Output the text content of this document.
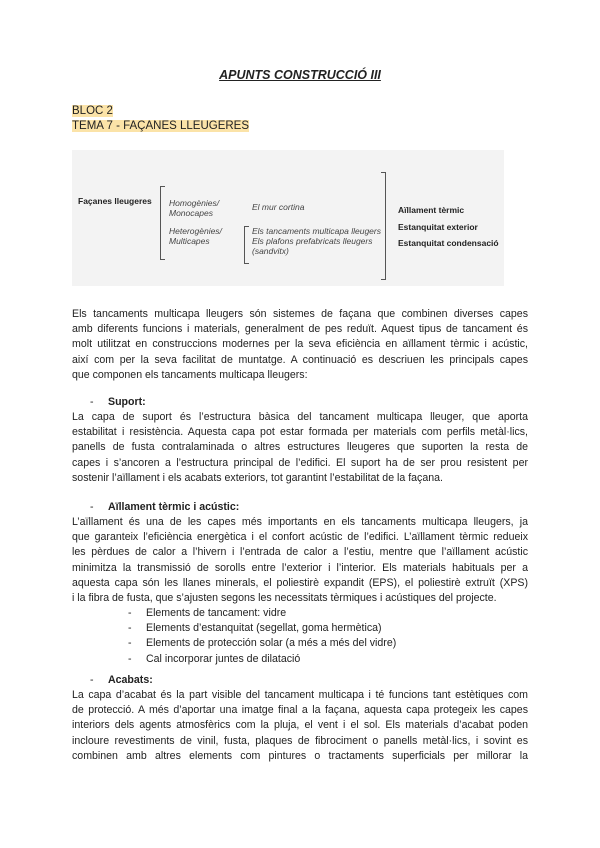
APUNTS CONSTRUCCIÓ III
BLOC 2
TEMA 7 - FAÇANES LLEUGERES
Façanes lleugeres Homogènies/
Monocapes
Heterogènies/
Multicapes
El mur cortina
Els tancaments multicapa lleugers
Els plafons prefabricats lleugers
(sandvitx)
Aïllament tèrmic
Estanquitat exterior
Estanquitat condensació
Els tancaments multicapa lleugers són sistemes de façana que combinen diverses capes
amb diferents funcions i materials, generalment de pes reduït. Aquest tipus de tancament és
molt utilitzat en construccions modernes per la seva eficiència en aïllament tèrmic i acústic,
així com per la seva facilitat de muntatge. A continuació es descriuen les principals capes
que componen els tancaments multicapa lleugers:
- Suport:
La capa de suport és l’estructura bàsica del tancament multicapa lleuger, que aporta
estabilitat i resistència. Aquesta capa pot estar formada per materials com perfils metàl·lics,
panells de fusta contralaminada o altres estructures lleugeres que suporten la resta de
capes i s’ancoren a l’estructura principal de l’edifici. El suport ha de ser prou resistent per
sostenir l’aïllament i els acabats exteriors, tot garantint l’estabilitat de la façana.
- Aïllament tèrmic i acústic:
L’aïllament és una de les capes més importants en els tancaments multicapa lleugers, ja
que garanteix l’eficiència energètica i el confort acústic de l’edifici. L’aïllament tèrmic redueix
les pèrdues de calor a l’hivern i l’entrada de calor a l’estiu, mentre que l’aïllament acústic
minimitza la transmissió de sorolls entre l’exterior i l’interior. Els materials habituals per a
aquesta capa són les llanes minerals, el poliestirè expandit (EPS), el poliestirè extruït (XPS)
i la fibra de fusta, que s’ajusten segons les necessitats tèrmiques i acústiques del projecte.
- Elements de tancament: vidre
- Elements d’estanquitat (segellat, goma hermètica)
- Elements de protección solar (a més a més del vidre)
- Cal incorporar juntes de dilatació
- Acabats:
La capa d’acabat és la part visible del tancament multicapa i té funcions tant estètiques com
de protecció. A més d’aportar una imatge final a la façana, aquesta capa protegeix les capes
interiors dels agents atmosfèrics com la pluja, el vent i el sol. Els materials d’acabat poden
incloure revestiments de vinil, fusta, plaques de fibrociment o panells metàl·lics, i sovint es
combinen amb altres elements com pintures o tractaments superficials per millorar la
